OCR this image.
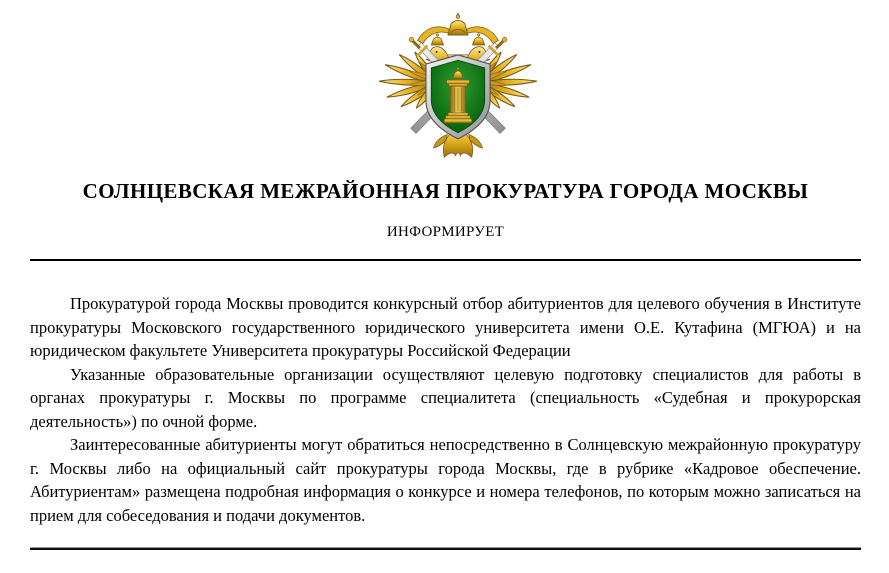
СОЛНЦЕВСКАЯ МЕЖРАЙОННАЯ ПРОКУРАТУРА ГОРОДА МОСКВЫ
ИНФОРМИРУЕТ

Прокуратурой города Москвы проводится конкурсный отбор абитуриентов для целевого обучения в Институте прокуратуры Московского государственного юридического университета имени О.Е. Кутафина (МГЮА) и на юридическом факультете Университета прокуратуры Российской Федерации

Указанные образовательные организации осуществляют целевую подготовку специалистов для работы в органах прокуратуры г. Москвы по программе специалитета (специальность «Судебная и прокурорская деятельность») по очной форме.

Заинтересованные абитуриенты могут обратиться непосредственно в Солнцевскую межрайонную прокуратуру г. Москвы либо на официальный сайт прокуратуры города Москвы, где в рубрике «Кадровое обеспечение. Абитуриентам» размещена подробная информация о конкурсе и номера телефонов, по которым можно записаться на прием для собеседования и подачи документов.
